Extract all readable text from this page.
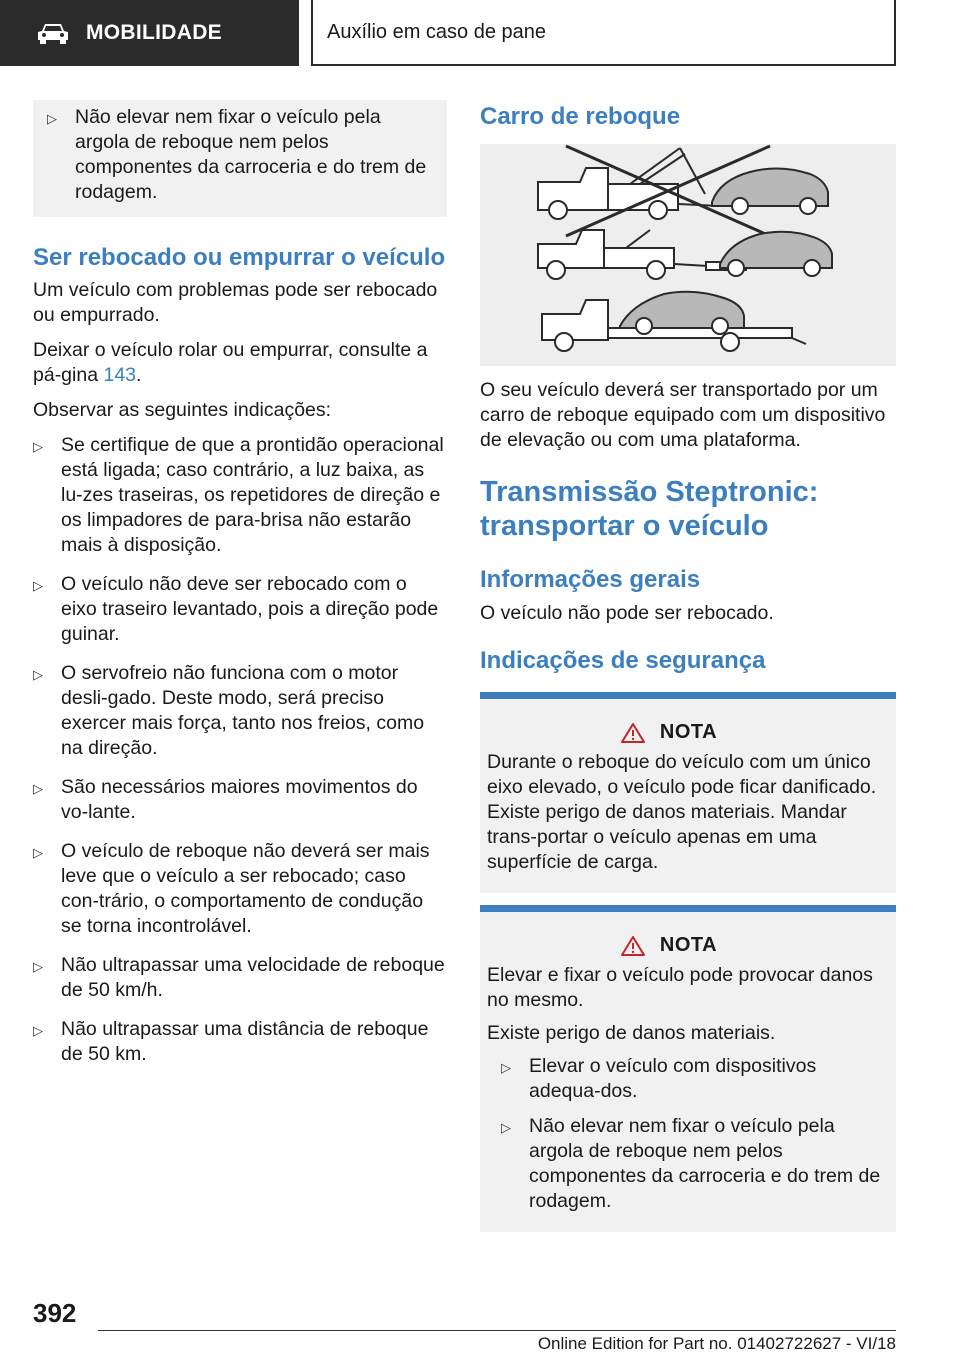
MOBILIDADE	Auxílio em caso de pane
▷ Não elevar nem fixar o veículo pela argola de reboque nem pelos componentes da carroceria e do trem de rodagem.
Ser rebocado ou empurrar o veículo

Um veículo com problemas pode ser rebocado ou empurrado.

Deixar o veículo rolar ou empurrar, consulte a pá-gina 143.

Observar as seguintes indicações:

▷ Se certifique de que a prontidão operacional está ligada; caso contrário, a luz baixa, as lu-zes traseiras, os repetidores de direção e os limpadores de para-brisa não estarão mais à disposição.
▷ O veículo não deve ser rebocado com o eixo traseiro levantado, pois a direção pode guinar.
▷ O servofreio não funciona com o motor desli-gado. Deste modo, será preciso exercer mais força, tanto nos freios, como na direção.
▷ São necessários maiores movimentos do vo-lante.
▷ O veículo de reboque não deverá ser mais leve que o veículo a ser rebocado; caso con-trário, o comportamento de condução se torna incontrolável.
▷ Não ultrapassar uma velocidade de reboque de 50 km/h.
▷ Não ultrapassar uma distância de reboque de 50 km.
Carro de reboque

O seu veículo deverá ser transportado por um carro de reboque equipado com um dispositivo de elevação ou com uma plataforma.

Transmissão Steptronic: transportar o veículo
Informações gerais

O veículo não pode ser rebocado.

Indicações de segurança
NOTA

Durante o reboque do veículo com um único eixo elevado, o veículo pode ficar danificado. Existe perigo de danos materiais. Mandar trans-portar o veículo apenas em uma superfície de carga.

NOTA

Elevar e fixar o veículo pode provocar danos no mesmo.

Existe perigo de danos materiais.

▷ Elevar o veículo com dispositivos adequa-dos.
▷ Não elevar nem fixar o veículo pela argola de reboque nem pelos componentes da carroceria e do trem de rodagem.
392
Online Edition for Part no. 01402722627 - VI/18
